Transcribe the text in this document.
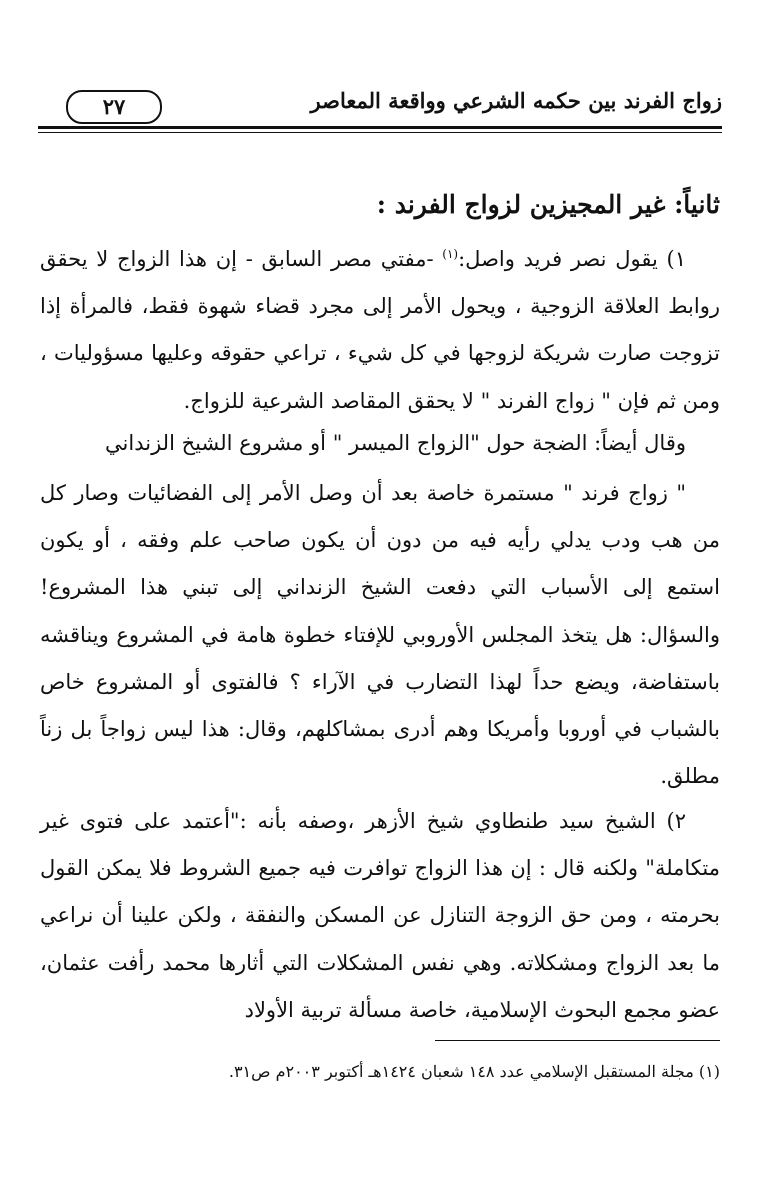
زواج الفرند بين حكمه الشرعي وواقعة المعاصر
٢٧
ثانياً: غير المجيزين لزواج الفرند :

١) يقول نصر فريد واصل:$^{(١)}$ -مفتي مصر السابق - إن هذا الزواج لا يحقق روابط العلاقة الزوجية ، ويحول الأمر إلى مجرد قضاء شهوة فقط، فالمرأة إذا تزوجت صارت شريكة لزوجها في كل شيء ، تراعي حقوقه وعليها مسؤوليات ، ومن ثم فإن " زواج الفرند " لا يحقق المقاصد الشرعية للزواج.

وقال أيضاً: الضجة حول "الزواج الميسر " أو مشروع الشيخ الزنداني

" زواج فرند " مستمرة خاصة بعد أن وصل الأمر إلى الفضائيات وصار كل من هب ودب يدلي رأيه فيه من دون أن يكون صاحب علم وفقه ، أو يكون استمع إلى الأسباب التي دفعت الشيخ الزنداني إلى تبني هذا المشروع! والسؤال: هل يتخذ المجلس الأوروبي للإفتاء خطوة هامة في المشروع ويناقشه باستفاضة، ويضع حداً لهذا التضارب في الآراء ؟ فالفتوى أو المشروع خاص بالشباب في أوروبا وأمريكا وهم أدرى بمشاكلهم، وقال: هذا ليس زواجاً بل زناً مطلق.

٢) الشيخ سيد طنطاوي شيخ الأزهر ،وصفه بأنه :"أعتمد على فتوى غير متكاملة" ولكنه قال : إن هذا الزواج توافرت فيه جميع الشروط فلا يمكن القول بحرمته ، ومن حق الزوجة التنازل عن المسكن والنفقة ، ولكن علينا أن نراعي ما بعد الزواج ومشكلاته. وهي نفس المشكلات التي أثارها محمد رأفت عثمان، عضو مجمع البحوث الإسلامية، خاصة مسألة تربية الأولاد

(١) مجلة المستقبل الإسلامي عدد ١٤٨ شعبان ١٤٢٤هـ أكتوبر ٢٠٠٣م ص٣١.
